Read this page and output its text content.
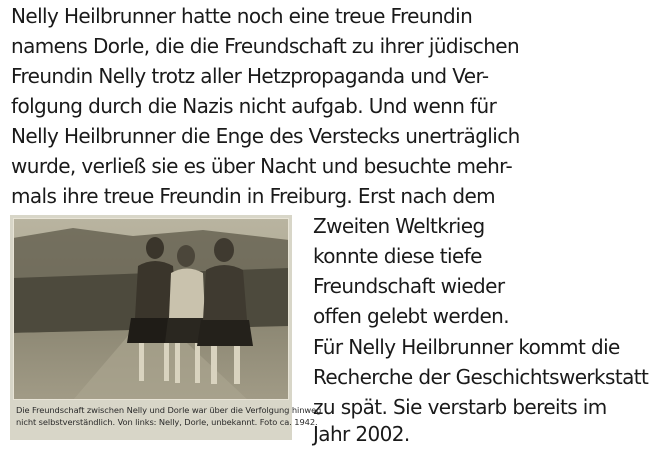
Nelly Heilbrunner hatte noch eine treue Freundin
namens Dorle, die die Freundschaft zu ihrer jüdischen
Freundin Nelly trotz aller Hetzpropaganda und Ver-
folgung durch die Nazis nicht aufgab. Und wenn für
Nelly Heilbrunner die Enge des Verstecks unerträglich
wurde, verließ sie es über Nacht und besuchte mehr-
mals ihre treue Freundin in Freiburg. Erst nach dem
Zweiten Weltkrieg
konnte diese tiefe
Freundschaft wieder
offen gelebt werden.
Für Nelly Heilbrunner kommt die
Recherche der Geschichtswerkstatt
zu spät. Sie verstarb bereits im
Jahr 2002.
Die Freundschaft zwischen Nelly und Dorle war über die Verfolgung hinweg
nicht selbstverständlich. Von links: Nelly, Dorle, unbekannt. Foto ca. 1942.
